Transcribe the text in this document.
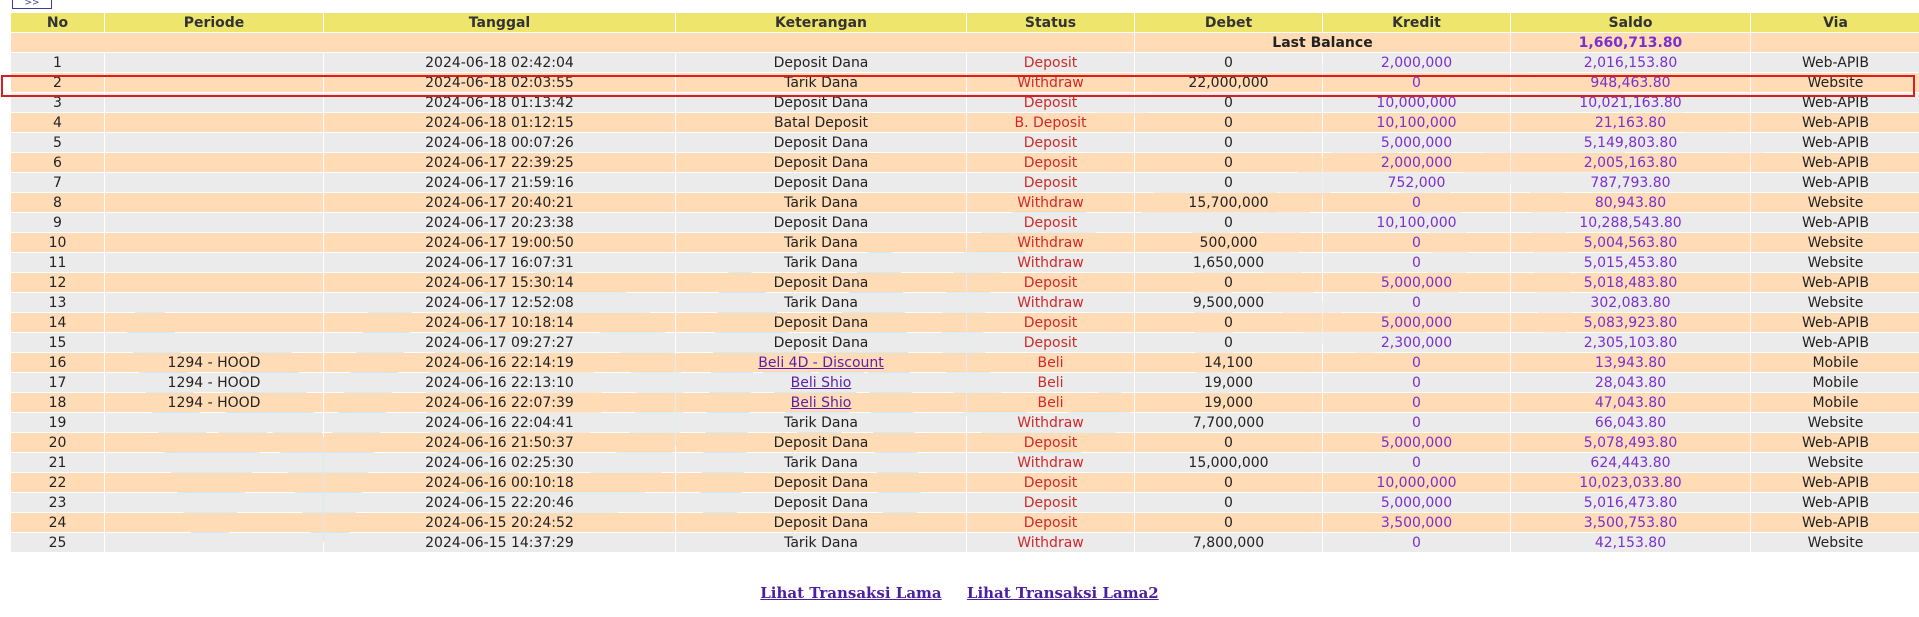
>>
No	Periode	Tanggal	Keterangan	Status	Debet	Kredit	Saldo	Via
					Last Balance		1,660,713.80	
1		2024-06-18 02:42:04	Deposit Dana	Deposit	0	2,000,000	2,016,153.80	Web-APIB
2		2024-06-18 02:03:55	Tarik Dana	Withdraw	22,000,000	0	948,463.80	Website
3		2024-06-18 01:13:42	Deposit Dana	Deposit	0	10,000,000	10,021,163.80	Web-APIB
4		2024-06-18 01:12:15	Batal Deposit	B. Deposit	0	10,100,000	21,163.80	Web-APIB
5		2024-06-18 00:07:26	Deposit Dana	Deposit	0	5,000,000	5,149,803.80	Web-APIB
6		2024-06-17 22:39:25	Deposit Dana	Deposit	0	2,000,000	2,005,163.80	Web-APIB
7		2024-06-17 21:59:16	Deposit Dana	Deposit	0	752,000	787,793.80	Web-APIB
8		2024-06-17 20:40:21	Tarik Dana	Withdraw	15,700,000	0	80,943.80	Website
9		2024-06-17 20:23:38	Deposit Dana	Deposit	0	10,100,000	10,288,543.80	Web-APIB
10		2024-06-17 19:00:50	Tarik Dana	Withdraw	500,000	0	5,004,563.80	Website
11		2024-06-17 16:07:31	Tarik Dana	Withdraw	1,650,000	0	5,015,453.80	Website
12		2024-06-17 15:30:14	Deposit Dana	Deposit	0	5,000,000	5,018,483.80	Web-APIB
13		2024-06-17 12:52:08	Tarik Dana	Withdraw	9,500,000	0	302,083.80	Website
14		2024-06-17 10:18:14	Deposit Dana	Deposit	0	5,000,000	5,083,923.80	Web-APIB
15		2024-06-17 09:27:27	Deposit Dana	Deposit	0	2,300,000	2,305,103.80	Web-APIB
16	1294 - HOOD	2024-06-16 22:14:19	Beli 4D - Discount	Beli	14,100	0	13,943.80	Mobile
17	1294 - HOOD	2024-06-16 22:13:10	Beli Shio	Beli	19,000	0	28,043.80	Mobile
18	1294 - HOOD	2024-06-16 22:07:39	Beli Shio	Beli	19,000	0	47,043.80	Mobile
19		2024-06-16 22:04:41	Tarik Dana	Withdraw	7,700,000	0	66,043.80	Website
20		2024-06-16 21:50:37	Deposit Dana	Deposit	0	5,000,000	5,078,493.80	Web-APIB
21		2024-06-16 02:25:30	Tarik Dana	Withdraw	15,000,000	0	624,443.80	Website
22		2024-06-16 00:10:18	Deposit Dana	Deposit	0	10,000,000	10,023,033.80	Web-APIB
23		2024-06-15 22:20:46	Deposit Dana	Deposit	0	5,000,000	5,016,473.80	Web-APIB
24		2024-06-15 20:24:52	Deposit Dana	Deposit	0	3,500,000	3,500,753.80	Web-APIB
25		2024-06-15 14:37:29	Tarik Dana	Withdraw	7,800,000	0	42,153.80	Website
Lihat Transaksi Lama Lihat Transaksi Lama2
